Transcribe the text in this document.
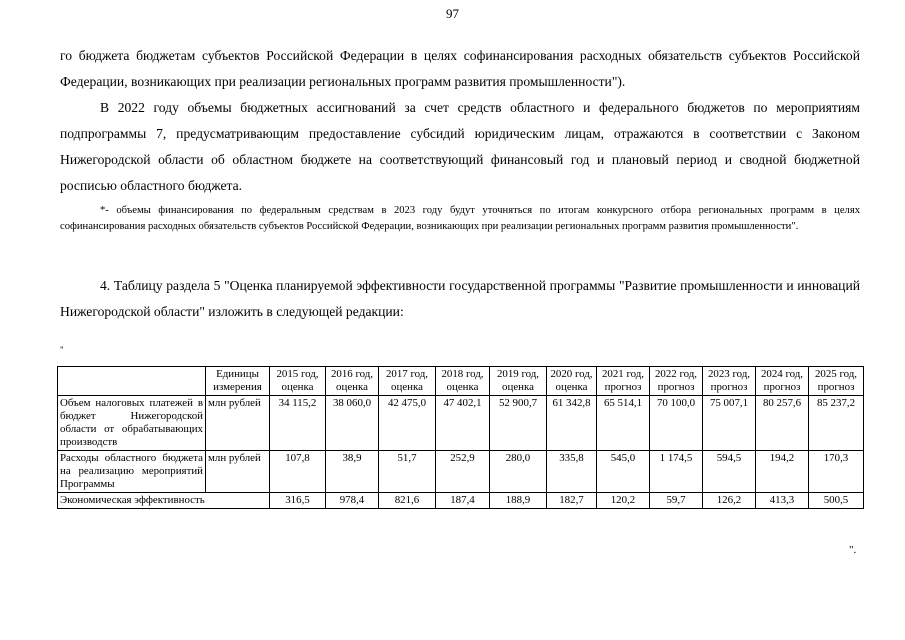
97

го бюджета бюджетам субъектов Российской Федерации в целях софинансирования расходных обязательств субъектов Российской Федерации, возникающих при реализации региональных программ развития промышленности").

В 2022 году объемы бюджетных ассигнований за счет средств областного и федерального бюджетов по мероприятиям подпрограммы 7, предусматривающим предоставление субсидий юридическим лицам, отражаются в соответствии с Законом Нижегородской области об областном бюджете на соответствующий финансовый год и плановый период и сводной бюджетной росписью областного бюджета.

*- объемы финансирования по федеральным средствам в 2023 году будут уточняться по итогам конкурсного отбора региональных программ в целях софинансирования расходных обязательств субъектов Российской Федерации, возникающих при реализации региональных программ развития промышленности".

4. Таблицу раздела 5 "Оценка планируемой эффективности государственной программы "Развитие промышленности и инноваций Нижегородской области" изложить в следующей редакции:

"
	Единицы измерения	2015 год, оценка	2016 год, оценка	2017 год, оценка	2018 год, оценка	2019 год, оценка	2020 год, оценка	2021 год, прогноз	2022 год, прогноз	2023 год, прогноз	2024 год, прогноз	2025 год, прогноз
Объем налоговых платежей в бюджет Нижегородской области от обрабатывающих производств	млн рублей	34 115,2	38 060,0	42 475,0	47 402,1	52 900,7	61 342,8	65 514,1	70 100,0	75 007,1	80 257,6	85 237,2
Расходы областного бюджета на реализацию мероприятий Программы	млн рублей	107,8	38,9	51,7	252,9	280,0	335,8	545,0	1 174,5	594,5	194,2	170,3
Экономическая эффективность		316,5	978,4	821,6	187,4	188,9	182,7	120,2	59,7	126,2	413,3	500,5
".
